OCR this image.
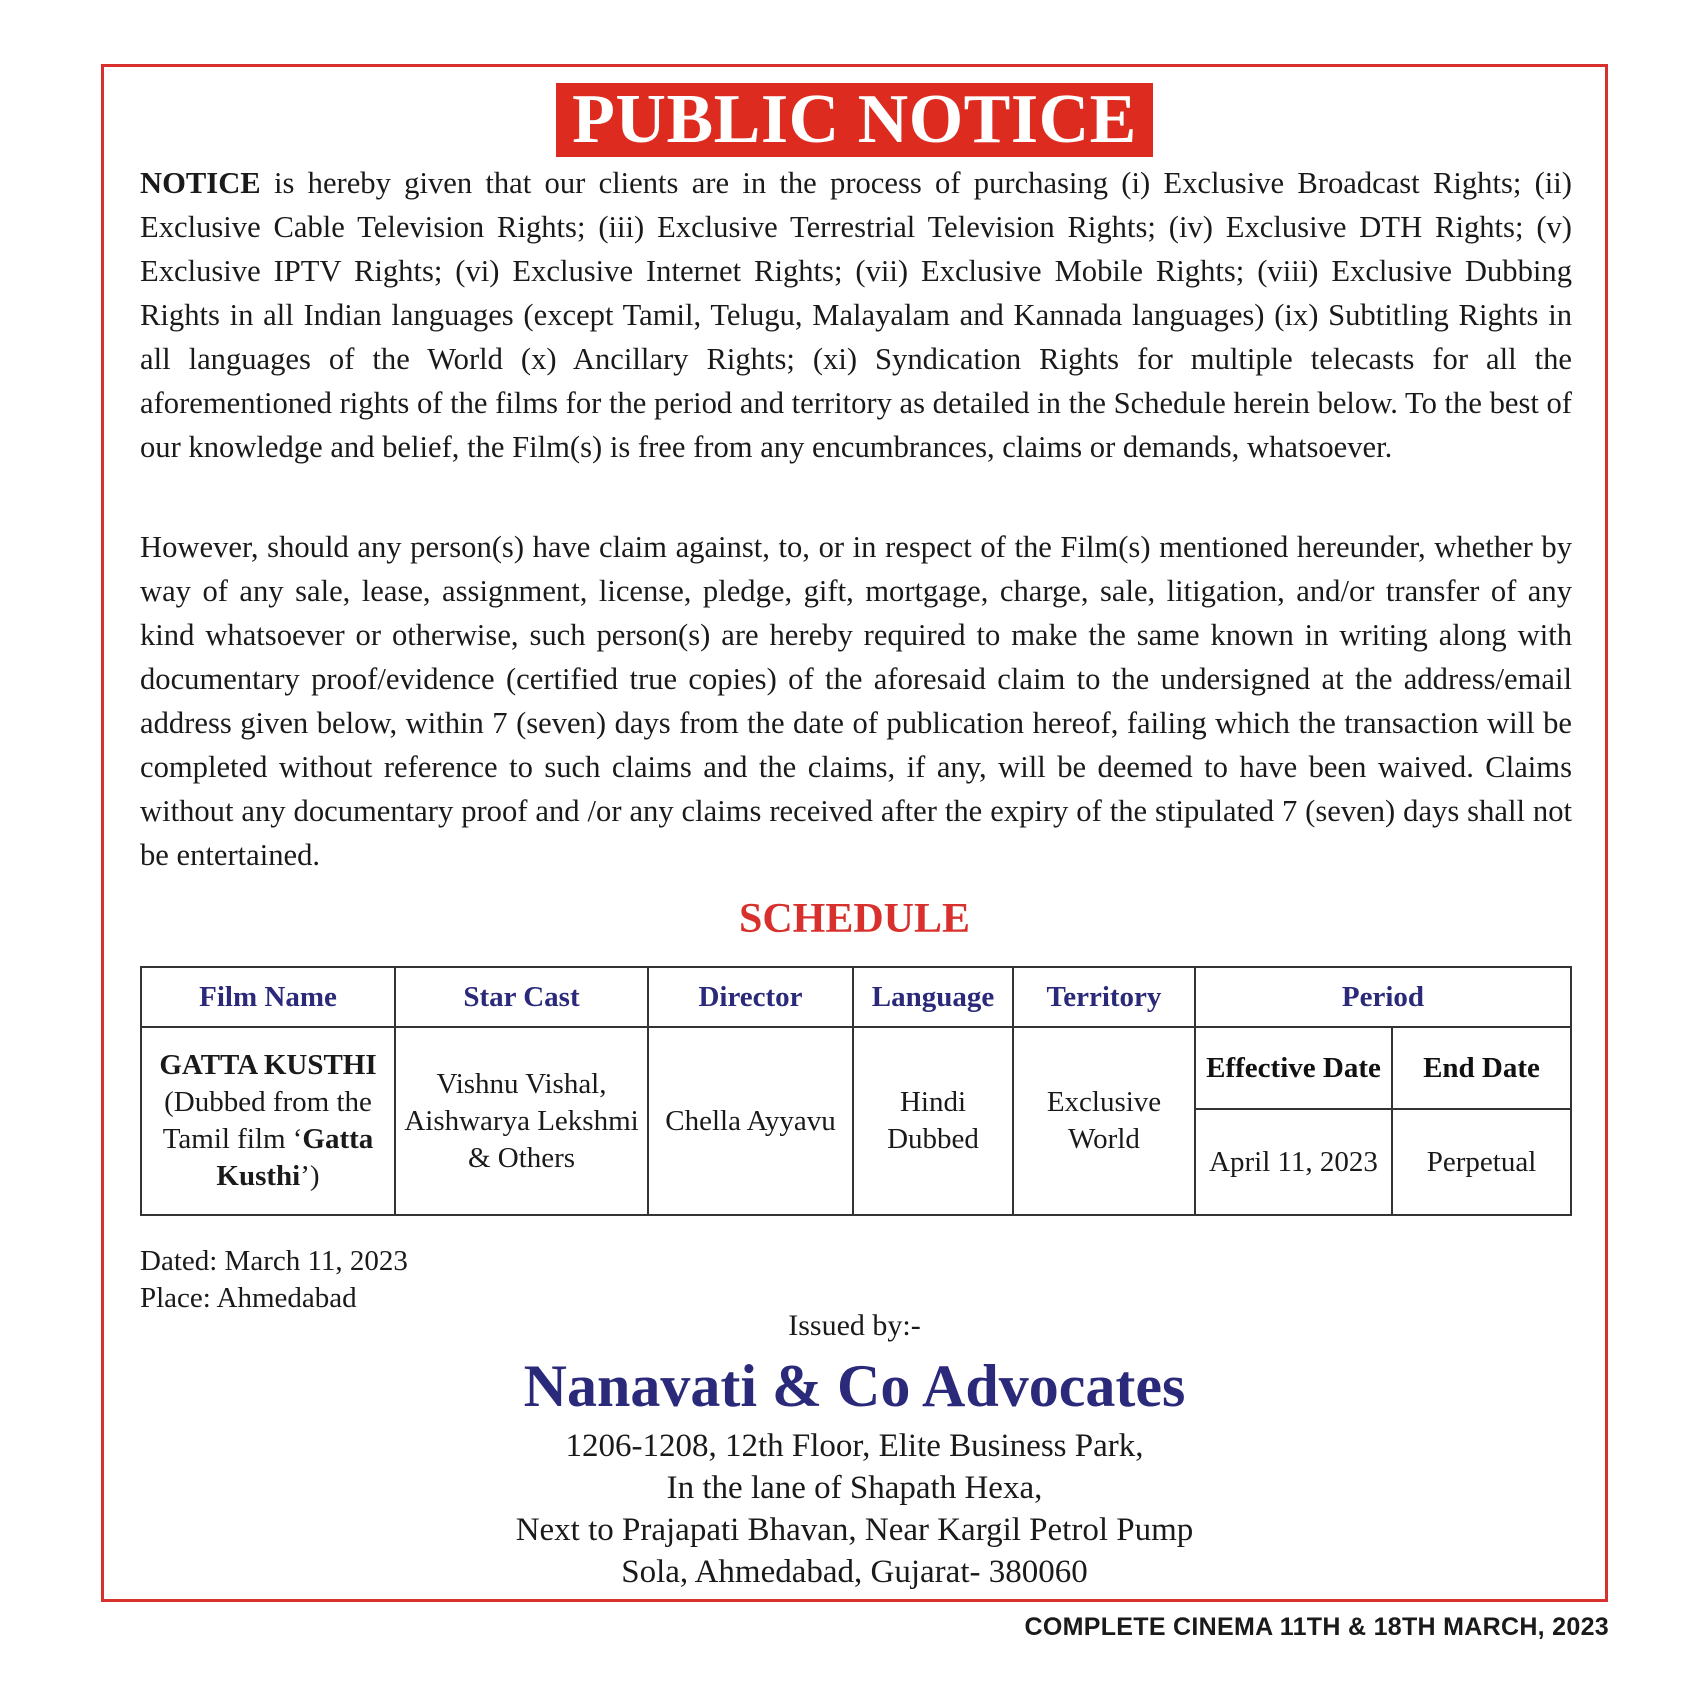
PUBLIC NOTICE
NOTICE is hereby given that our clients are in the process of purchasing (i) Exclusive Broadcast Rights; (ii) Exclusive Cable Television Rights; (iii) Exclusive Terrestrial Television Rights; (iv) Exclusive DTH Rights; (v) Exclusive IPTV Rights; (vi) Exclusive Internet Rights; (vii) Exclusive Mobile Rights; (viii) Exclusive Dubbing Rights in all Indian languages (except Tamil, Telugu, Malayalam and Kannada languages) (ix) Subtitling Rights in all languages of the World (x) Ancillary Rights; (xi) Syndication Rights for multiple telecasts for all the aforementioned rights of the films for the period and territory as detailed in the Schedule herein below. To the best of our knowledge and belief, the Film(s) is free from any encumbrances, claims or demands, whatsoever.
However, should any person(s) have claim against, to, or in respect of the Film(s) mentioned hereunder, whether by way of any sale, lease, assignment, license, pledge, gift, mortgage, charge, sale, litigation, and/or transfer of any kind whatsoever or otherwise, such person(s) are hereby required to make the same known in writing along with documentary proof/evidence (certified true copies) of the aforesaid claim to the undersigned at the address/email address given below, within 7 (seven) days from the date of publication hereof, failing which the transaction will be completed without reference to such claims and the claims, if any, will be deemed to have been waived. Claims without any documentary proof and /or any claims received after the expiry of the stipulated 7 (seven) days shall not be entertained.
SCHEDULE
Film Name	Star Cast	Director	Language	Territory	Period	
GATTA KUSTHI
(Dubbed from the Tamil film ‘Gatta Kusthi’)	Vishnu Vishal, Aishwarya Lekshmi & Others	Chella Ayyavu	Hindi Dubbed	Exclusive World	Effective Date	End Date
					April 11, 2023	Perpetual
Dated: March 11, 2023
Place: Ahmedabad
Issued by:-
Nanavati & Co Advocates
1206-1208, 12th Floor, Elite Business Park,
In the lane of Shapath Hexa,
Next to Prajapati Bhavan, Near Kargil Petrol Pump
Sola, Ahmedabad, Gujarat- 380060
COMPLETE CINEMA 11TH & 18TH MARCH, 2023
